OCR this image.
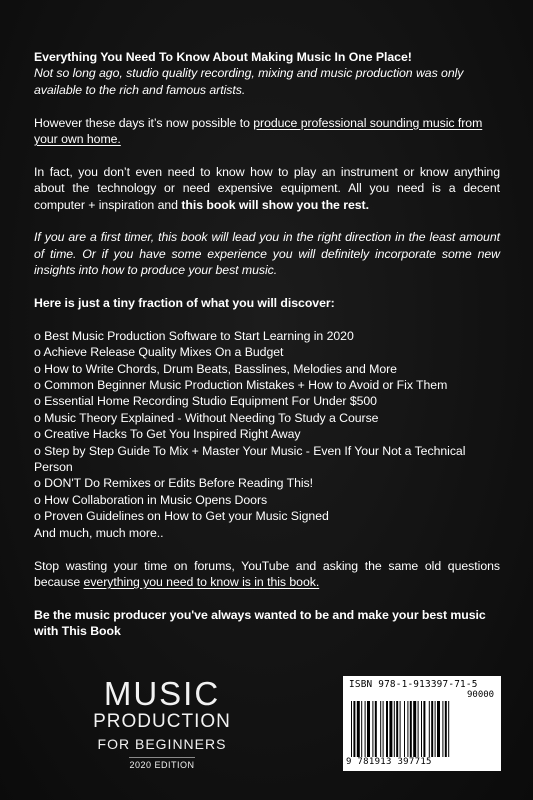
Everything You Need To Know About Making Music In One Place!

Not so long ago, studio quality recording, mixing and music production was only available to the rich and famous artists.

However these days it’s now possible to produce professional sounding music from your own home.

In fact, you don’t even need to know how to play an instrument or know anything about the technology or need expensive equipment. All you need is a decent computer + inspiration and this book will show you the rest.

If you are a first timer, this book will lead you in the right direction in the least amount of time. Or if you have some experience you will definitely incorporate some new insights into how to produce your best music.

Here is just a tiny fraction of what you will discover:

o Best Music Production Software to Start Learning in 2020

o Achieve Release Quality Mixes On a Budget

o How to Write Chords, Drum Beats, Basslines, Melodies and More

o Common Beginner Music Production Mistakes + How to Avoid or Fix Them

o Essential Home Recording Studio Equipment For Under $500

o Music Theory Explained - Without Needing To Study a Course

o Creative Hacks To Get You Inspired Right Away

o Step by Step Guide To Mix + Master Your Music - Even If Your Not a Technical Person

o DON'T Do Remixes or Edits Before Reading This!

o How Collaboration in Music Opens Doors

o Proven Guidelines on How to Get your Music Signed

And much, much more..

Stop wasting your time on forums, YouTube and asking the same old questions because everything you need to know is in this book.

Be the music producer you've always wanted to be and make your best music with This Book

MUSIC
PRODUCTION
FOR BEGINNERS
2020 EDITION
ISBN 978-1-913397-71-5
90000
9 781913 397715
